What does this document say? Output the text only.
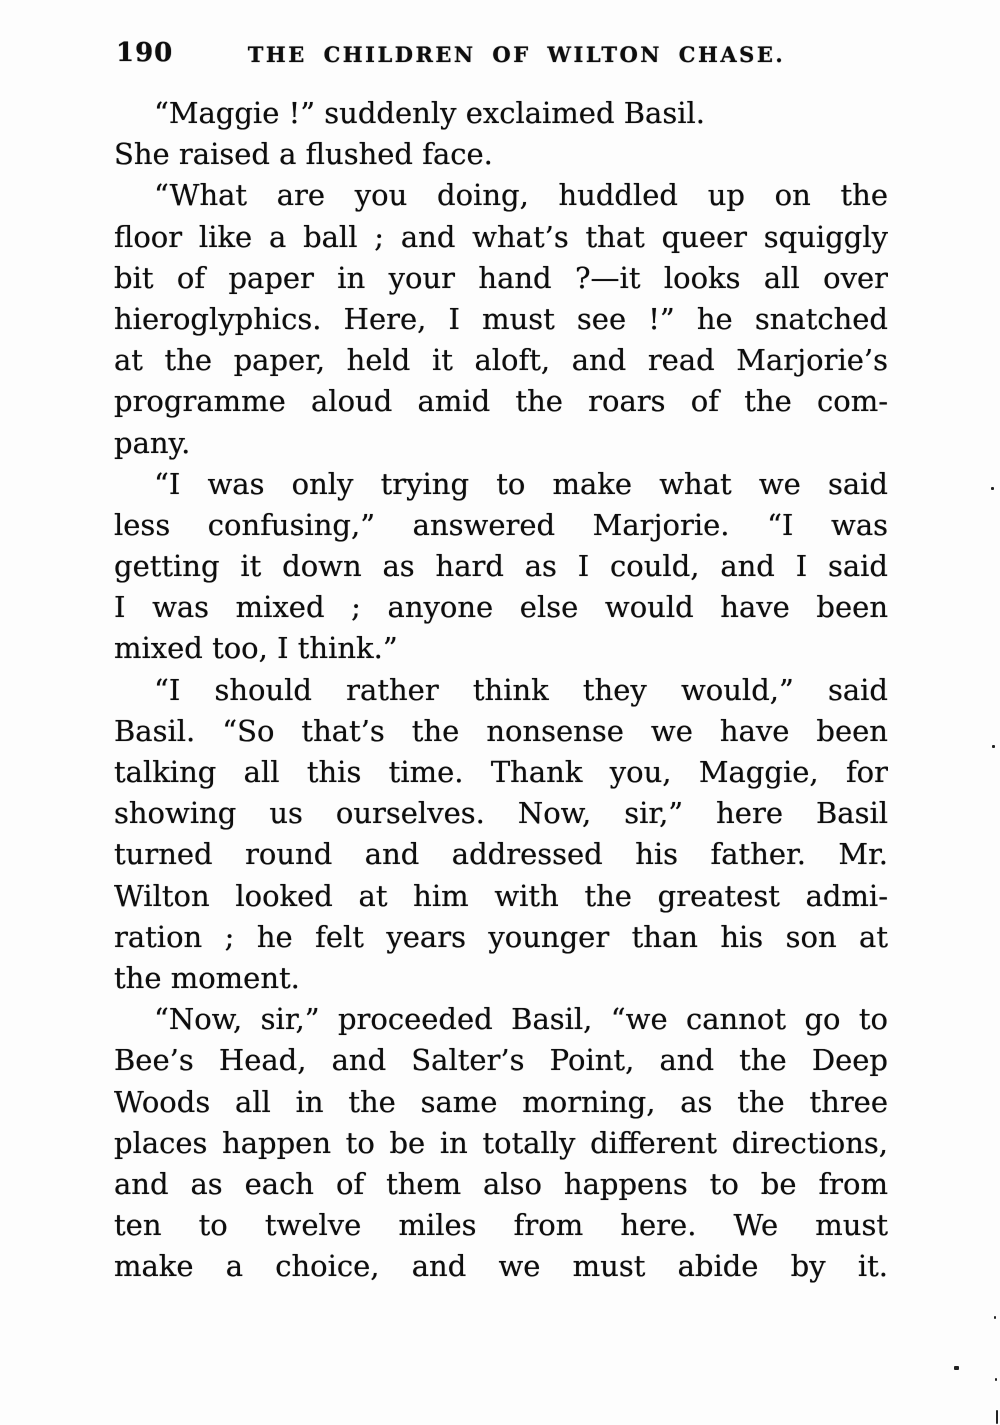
190	THE CHILDREN OF WILTON CHASE.
“Maggie !” suddenly exclaimed Basil.
She raised a flushed face.
“What are you doing, huddled up on the
floor like a ball ; and what’s that queer squiggly
bit of paper in your hand ?—it looks all over
hieroglyphics. Here, I must see !” he snatched
at the paper, held it aloft, and read Marjorie’s
programme aloud amid the roars of the com-
pany.
“I was only trying to make what we said
less confusing,” answered Marjorie. “I was
getting it down as hard as I could, and I said
I was mixed ; anyone else would have been
mixed too, I think.”
“I should rather think they would,” said
Basil. “So that’s the nonsense we have been
talking all this time. Thank you, Maggie, for
showing us ourselves. Now, sir,” here Basil
turned round and addressed his father. Mr.
Wilton looked at him with the greatest admi-
ration ; he felt years younger than his son at
the moment.
“Now, sir,” proceeded Basil, “we cannot go to
Bee’s Head, and Salter’s Point, and the Deep
Woods all in the same morning, as the three
places happen to be in totally different directions,
and as each of them also happens to be from
ten to twelve miles from here. We must
make a choice, and we must abide by it.
